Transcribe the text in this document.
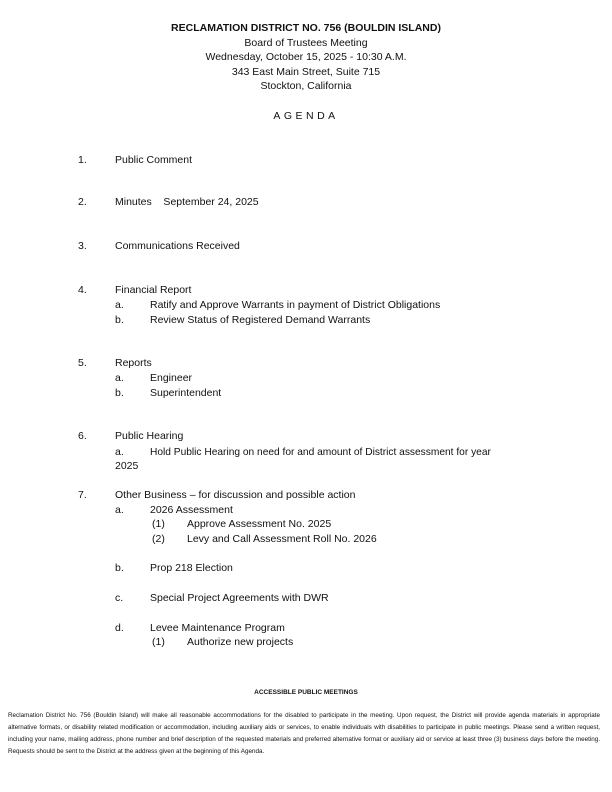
RECLAMATION DISTRICT NO. 756 (BOULDIN ISLAND)
Board of Trustees Meeting
Wednesday, October 15, 2025 - 10:30 A.M.
343 East Main Street, Suite 715
Stockton, California
AGENDA
1.	Public Comment
2.	Minutes    September 24, 2025
3.	Communications Received
4.	Financial Report
a. Ratify and Approve Warrants in payment of District Obligations
b. Review Status of Registered Demand Warrants
5.	Reports
a. Engineer
b. Superintendent
6.	Public Hearing
a.	Hold Public Hearing on need for and amount of District assessment for year
2025
7.	Other Business – for discussion and possible action
a. 2026 Assessment
(1) Approve Assessment No. 2025
(2) Levy and Call Assessment Roll No. 2026
b. Prop 218 Election
c.	Special Project Agreements with DWR
d. Levee Maintenance Program
(1) Authorize new projects
ACCESSIBLE PUBLIC MEETINGS
Reclamation District No. 756 (Bouldin Island) will make all reasonable accommodations for the disabled to participate in the meeting. Upon request, the District will provide agenda materials in appropriate alternative formats, or disability related modification or accommodation, including auxiliary aids or services, to enable individuals with disabilities to participate in public meetings. Please send a written request, including your name, mailing address, phone number and brief description of the requested materials and preferred alternative format or auxiliary aid or service at least three (3) business days before the meeting. Requests should be sent to the District at the address given at the beginning of this Agenda.
